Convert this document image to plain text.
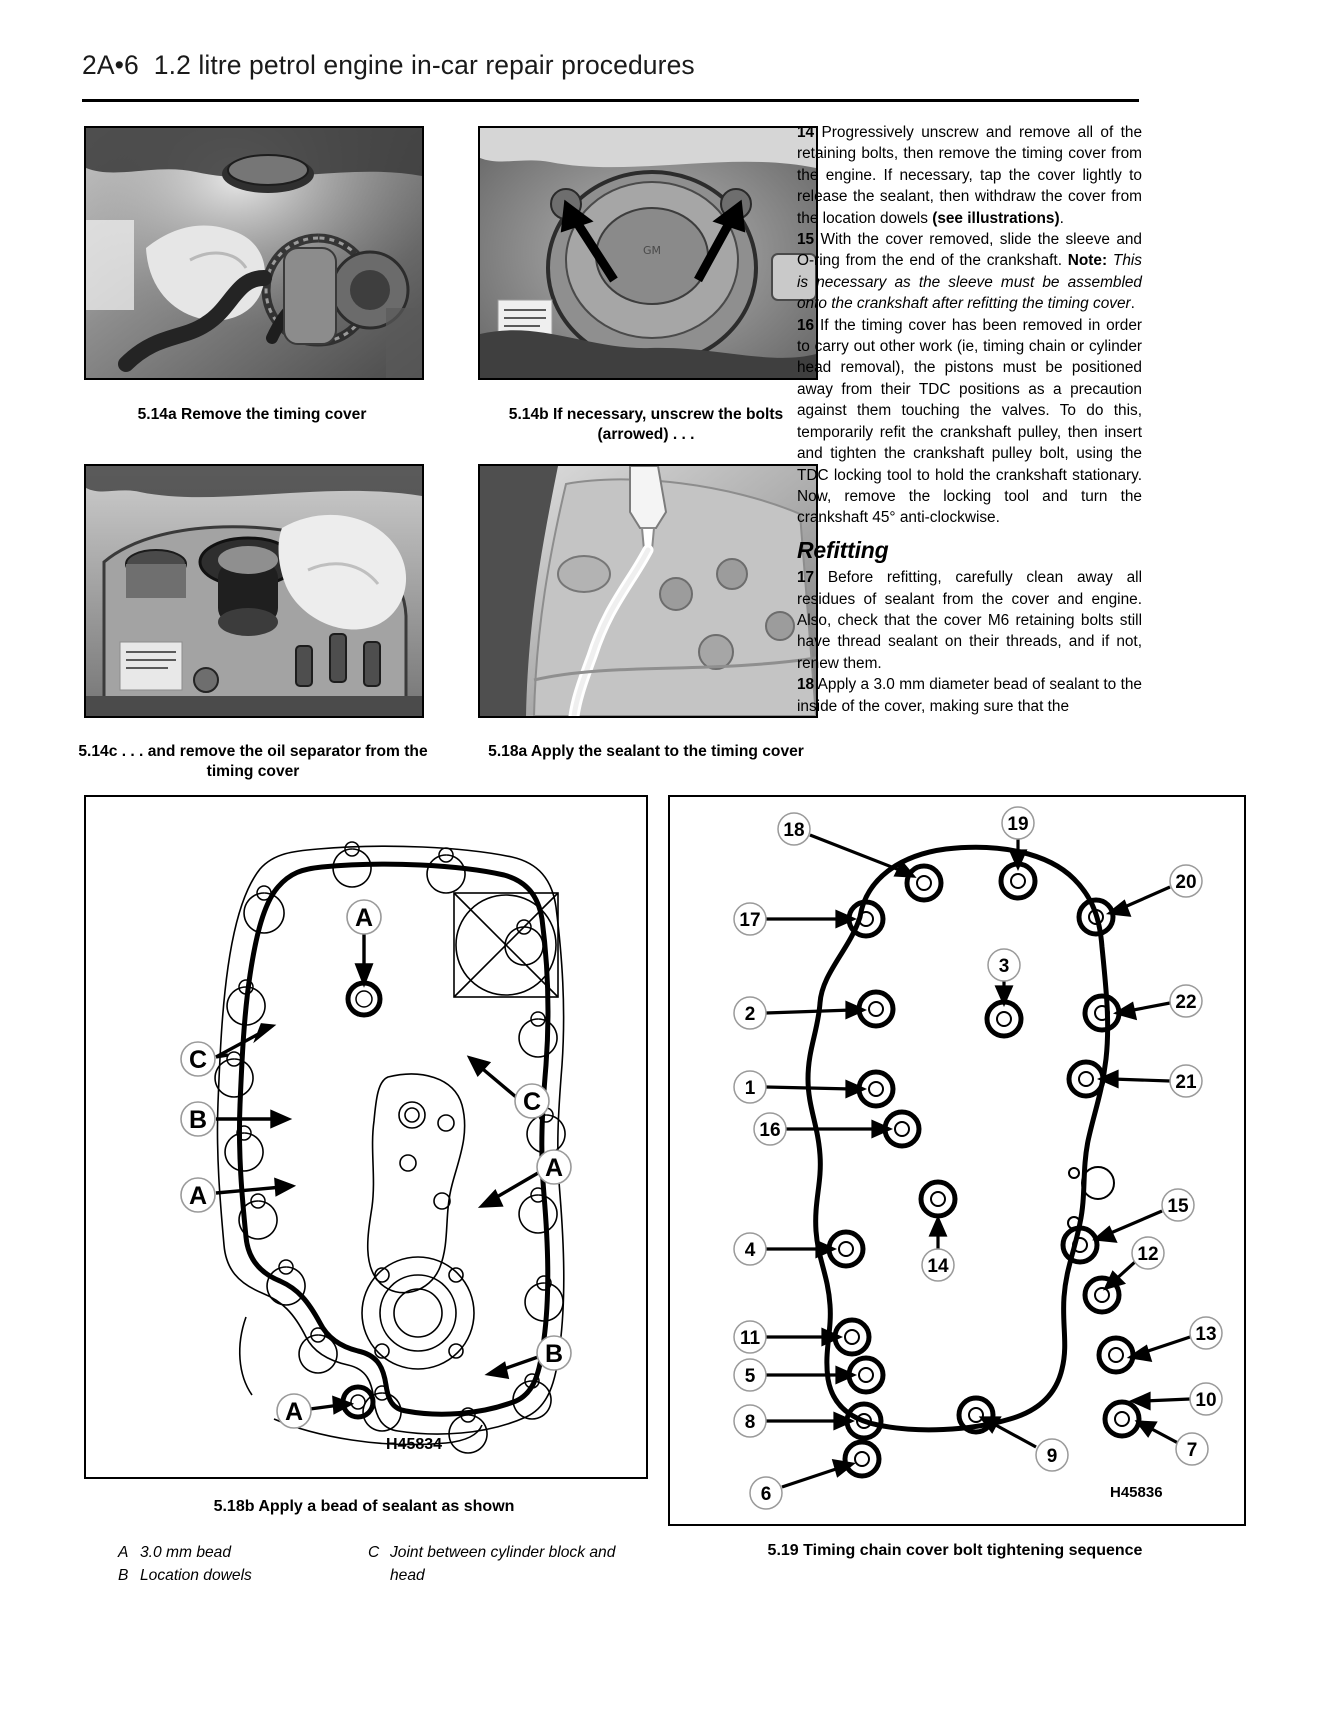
2A•6 1.2 litre petrol engine in-car repair procedures
5.14a Remove the timing cover
GM
5.14b If necessary, unscrew the bolts (arrowed) . . .
5.14c . . . and remove the oil separator from the timing cover
5.18a Apply the sealant to the timing cover

14 Progressively unscrew and remove all of the retaining bolts, then remove the timing cover from the engine. If necessary, tap the cover lightly to release the sealant, then withdraw the cover from the location dowels (see illustrations).

15 With the cover removed, slide the sleeve and O-ring from the end of the crankshaft. Note: This is necessary as the sleeve must be assembled onto the crankshaft after refitting the timing cover.

16 If the timing cover has been removed in order to carry out other work (ie, timing chain or cylinder head removal), the pistons must be positioned away from their TDC positions as a precaution against them touching the valves. To do this, temporarily refit the crankshaft pulley, then insert and tighten the crankshaft pulley bolt, using the TDC locking tool to hold the crankshaft stationary. Now, remove the locking tool and turn the crankshaft 45° anti-clockwise.

Refitting

17 Before refitting, carefully clean away all residues of sealant from the cover and engine. Also, check that the cover M6 retaining bolts still have thread sealant on their threads, and if not, renew them.

18 Apply a 3.0 mm diameter bead of sealant to the inside of the cover, making sure that the

A
C
C
B
A
A
B
A
H45834
5.18b Apply a bead of sealant as shown
A 3.0 mm bead
B Location dowels
C Joint between cylinder block and head
18	19
20
17
2
1
16
4
11
5
8
6
3
14
9
22
21
15
12
13
10
7
H45836
5.19 Timing chain cover bolt tightening sequence
